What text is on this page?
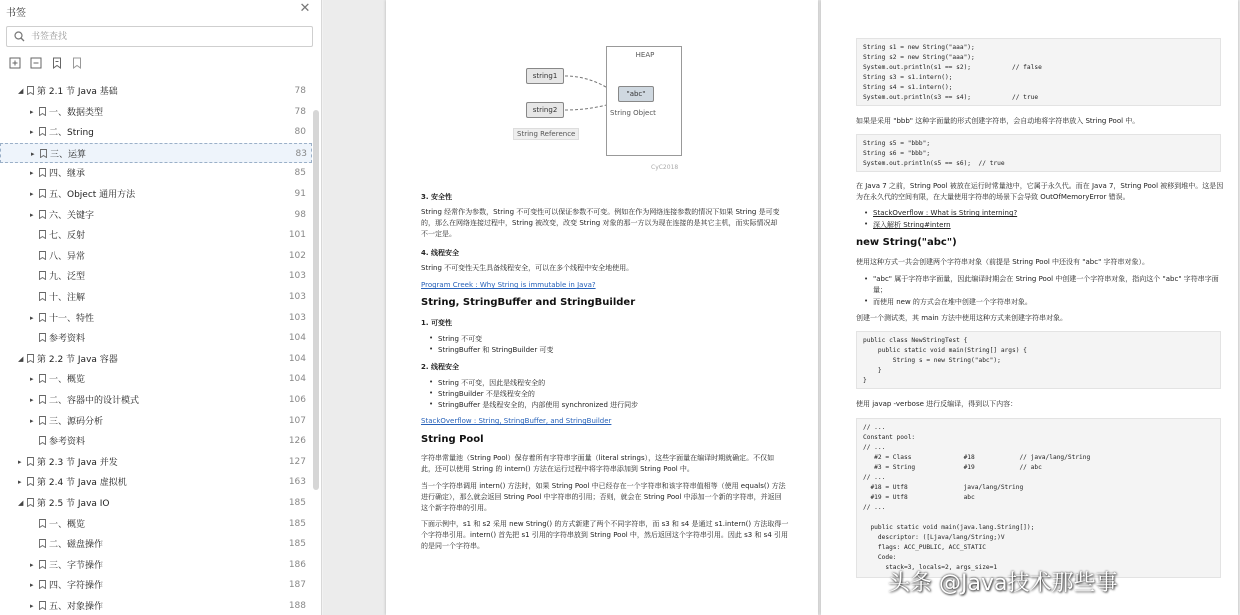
书签	✕
书签查找
◢ 第 2.1 节 Java 基础	78
▸	一、数据类型	78
▸	二、String	80
▸	三、运算	83
▸	四、继承	85
▸	五、Object 通用方法	91
▸	六、关键字	98
七、反射	101
八、异常	102
九、泛型	103
十、注解	103
▸	十一、特性	103
参考资料	104
◢ 第 2.2 节 Java 容器	104
▸	一、概览	104
▸	二、容器中的设计模式	106
▸	三、源码分析	107
参考资料	126
▸	第 2.3 节 Java 并发	127
▸	第 2.4 节 Java 虚拟机	163
◢ 第 2.5 节 Java IO	185
一、概览	185
二、磁盘操作	185
▸	三、字节操作	186
▸	四、字符操作	187
▸	五、对象操作	188
HEAP
string1
string2
"abc"
String Object
String Reference
CyC2018
3. 安全性
String 经常作为参数，String 不可变性可以保证参数不可变。例如在作为网络连接参数的情况下如果 String 是可变
的，那么在网络连接过程中，String 被改变，改变 String 对象的那一方以为现在连接的是其它主机，而实际情况却
不一定是。
4. 线程安全
String 不可变性天生具备线程安全，可以在多个线程中安全地使用。
Program Creek : Why String is immutable in Java?
String, StringBuffer and StringBuilder
1. 可变性
• String 不可变
• StringBuffer 和 StringBuilder 可变
2. 线程安全
• String 不可变，因此是线程安全的
• StringBuilder 不是线程安全的
• StringBuffer 是线程安全的，内部使用 synchronized 进行同步
StackOverflow : String, StringBuffer, and StringBuilder
String Pool
字符串常量池（String Pool）保存着所有字符串字面量（literal strings），这些字面量在编译时期就确定。不仅如
此，还可以使用 String 的 intern() 方法在运行过程中将字符串添加到 String Pool 中。
当一个字符串调用 intern() 方法时，如果 String Pool 中已经存在一个字符串和该字符串值相等（使用 equals() 方法
进行确定），那么就会返回 String Pool 中字符串的引用；否则，就会在 String Pool 中添加一个新的字符串，并返回
这个新字符串的引用。
下面示例中，s1 和 s2 采用 new String() 的方式新建了两个不同字符串，而 s3 和 s4 是通过 s1.intern() 方法取得一
个字符串引用。intern() 首先把 s1 引用的字符串放到 String Pool 中，然后返回这个字符串引用。因此 s3 和 s4 引用
的是同一个字符串。
String s1 = new String("aaa");
String s2 = new String("aaa");
System.out.println(s1 == s2);           // false
String s3 = s1.intern();
String s4 = s1.intern();
System.out.println(s3 == s4);           // true
如果是采用 "bbb" 这种字面量的形式创建字符串，会自动地将字符串放入 String Pool 中。
String s5 = "bbb";
String s6 = "bbb";
System.out.println(s5 == s6);  // true
在 Java 7 之前，String Pool 被放在运行时常量池中，它属于永久代。而在 Java 7，String Pool 被移到堆中。这是因
为在永久代的空间有限，在大量使用字符串的场景下会导致 OutOfMemoryError 错误。
• StackOverflow : What is String interning?
• 深入解析 String#intern
new String("abc")
使用这种方式一共会创建两个字符串对象（前提是 String Pool 中还没有 "abc" 字符串对象）。
• "abc" 属于字符串字面量，因此编译时期会在 String Pool 中创建一个字符串对象，指向这个 "abc" 字符串字面
量；
• 而使用 new 的方式会在堆中创建一个字符串对象。
创建一个测试类，其 main 方法中使用这种方式来创建字符串对象。
public class NewStringTest {
public static void main(String[] args) {
String s = new String("abc");
}
}
使用 javap -verbose 进行反编译，得到以下内容：
// ...
Constant pool:
// ...
#2 = Class              #18            // java/lang/String
#3 = String             #19            // abc
// ...
#18 = Utf8               java/lang/String
#19 = Utf8               abc
// ...
public static void main(java.lang.String[]);
descriptor: ([Ljava/lang/String;)V
flags: ACC_PUBLIC, ACC_STATIC
Code:
stack=3, locals=2, args_size=1
头条 @Java技术那些事
